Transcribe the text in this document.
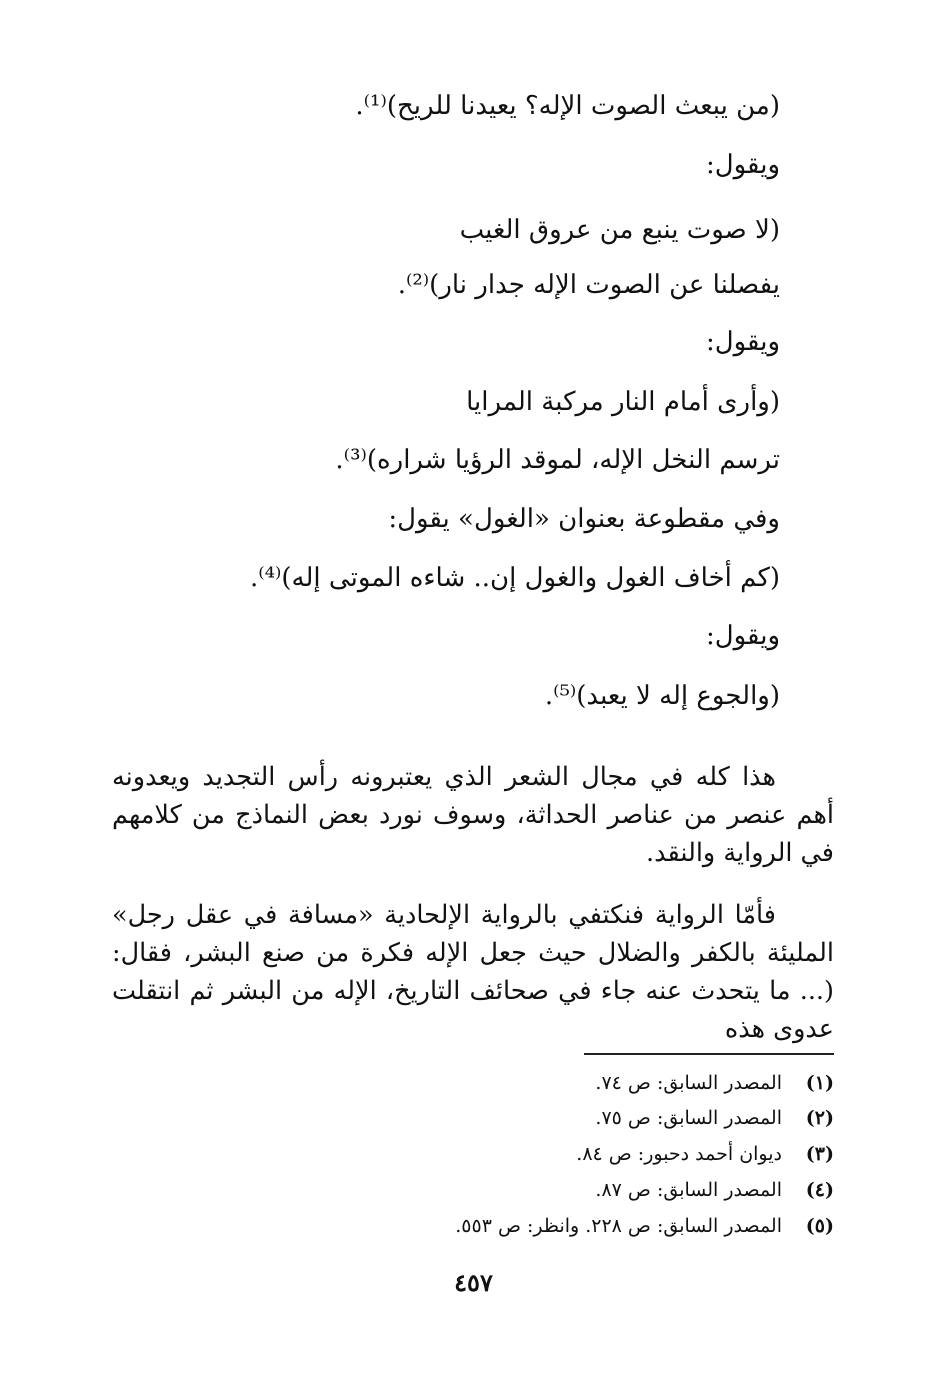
(من يبعث الصوت الإله؟ يعيدنا للريح)⁽¹⁾.
ويقول:
(لا صوت ينبع من عروق الغيب
يفصلنا عن الصوت الإله جدار نار)⁽²⁾.
ويقول:
(وأرى أمام النار مركبة المرايا
ترسم النخل الإله، لموقد الرؤيا شراره)⁽³⁾.
وفي مقطوعة بعنوان «الغول» يقول:
(كم أخاف الغول والغول إن.. شاءه الموتى إله)⁽⁴⁾.
ويقول:
(والجوع إله لا يعبد)⁽⁵⁾.
هذا كله في مجال الشعر الذي يعتبرونه رأس التجديد ويعدونه أهم عنصر من عناصر الحداثة، وسوف نورد بعض النماذج من كلامهم في الرواية والنقد.
فأمّا الرواية فنكتفي بالرواية الإلحادية «مسافة في عقل رجل» المليئة بالكفر والضلال حيث جعل الإله فكرة من صنع البشر، فقال: (... ما يتحدث عنه جاء في صحائف التاريخ، الإله من البشر ثم انتقلت عدوى هذه
(١)المصدر السابق: ص ٧٤.
(٢)المصدر السابق: ص ٧٥.
(٣)ديوان أحمد دحبور: ص ٨٤.
(٤)المصدر السابق: ص ٨٧.
(٥)المصدر السابق: ص ٢٢٨. وانظر: ص ٥٥٣.
٤٥٧
